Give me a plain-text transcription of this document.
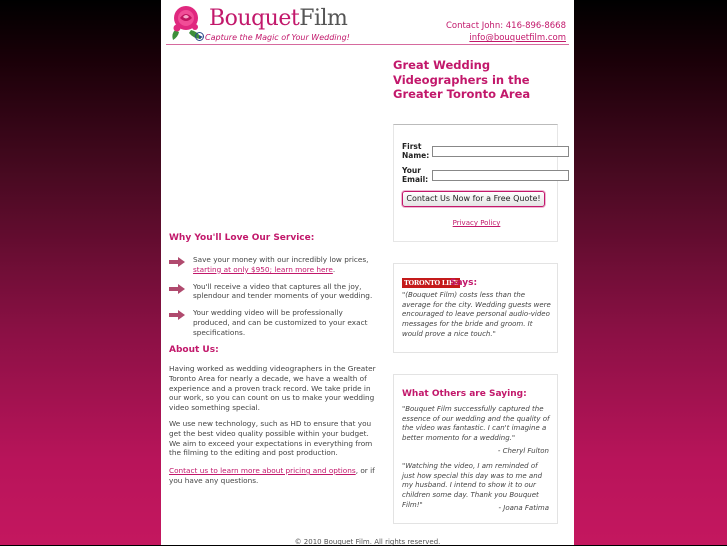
BouquetFilm
Capture the Magic of Your Wedding!
Contact John: 416-896-8668
info@bouquetfilm.com
Why You'll Love Our Service:
Save your money with our incredibly low prices, starting at only $950; learn more here.
You'll receive a video that captures all the joy, splendour and tender moments of your wedding.
Your wedding video will be professionally produced, and can be customized to your exact specifications.
About Us:
Having worked as wedding videographers in the Greater Toronto Area for nearly a decade, we have a wealth of experience and a proven track record. We take pride in our work, so you can count on us to make your wedding video something special.
We use new technology, such as HD to ensure that you get the best video quality possible within your budget. We aim to exceed your expectations in everything from the filming to the editing and post production.
Contact us to learn more about pricing and options, or if you have any questions.
Great Wedding Videographers in the Greater Toronto Area
First
Name:
Your
Email:
Contact Us Now for a Free Quote!
Privacy Policy
TORONTO LIFE
Says:
"(Bouquet Film) costs less than the average for the city. Wedding guests were encouraged to leave personal audio-video messages for the bride and groom. It would prove a nice touch."
What Others are Saying:
"Bouquet Film successfully captured the essence of our wedding and the quality of the video was fantastic. I can't imagine a better momento for a wedding."
- Cheryl Fulton
"Watching the video, I am reminded of just how special this day was to me and my husband. I intend to show it to our children some day. Thank you Bouquet Film!"	- Joana Fatima
© 2010 Bouquet Film. All rights reserved.
